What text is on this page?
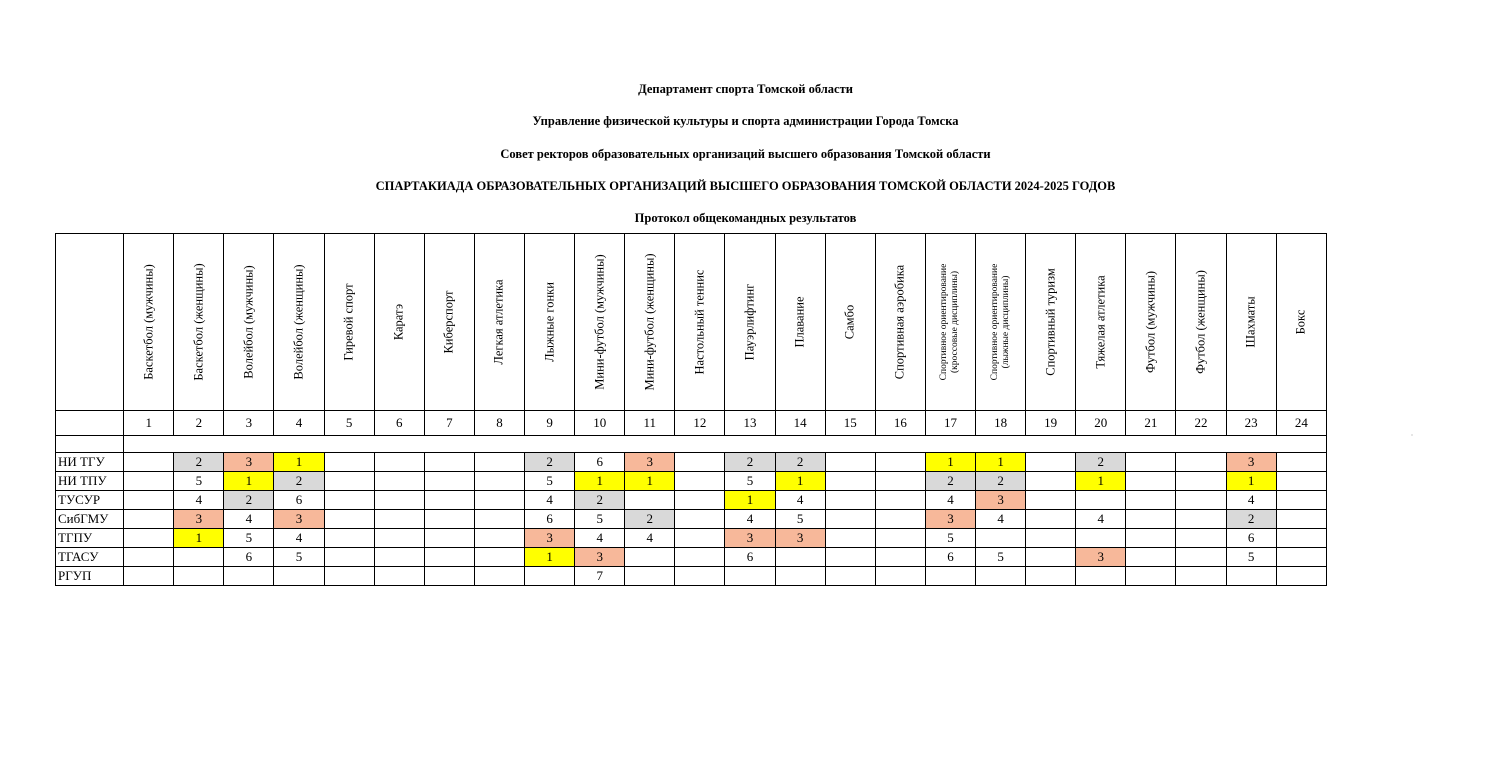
Департамент спорта Томской области
Управление физической культуры и спорта администрации Города Томска
Совет ректоров образовательных организаций высшего образования Томской области
СПАРТАКИАДА ОБРАЗОВАТЕЛЬНЫХ ОРГАНИЗАЦИЙ ВЫСШЕГО ОБРАЗОВАНИЯ ТОМСКОЙ ОБЛАСТИ 2024-2025 ГОДОВ
Протокол общекомандных результатов

	Баскетбол (мужчины)	Баскетбол (женщины)	Волейбол (мужчины)	Волейбол (женщины)	Гиревой спорт	Каратэ	Киберспорт	Легкая атлетика	Лыжные гонки	Мини-футбол (мужчины)	Мини-футбол (женщины)	Настольный теннис	Пауэрлифтинг	Плавание	Самбо	Спортивная аэробика	Спортивное ориентирование
(кроссовые дисциплины)	Спортивное ориентирование
(лыжные дисциплины)	Спортивный туризм	Тяжелая атлетика	Футбол (мужчины)	Футбол (женщины)	Шахматы	Бокс

	1	2	3	4	5	6	7	8	9	10	11	12	13	14	15	16	17	18	19	20	21	22	23	24

НИ ТГУ		2	3	1					2	6	3		2	2			1	1		2			3	
НИ ТПУ		5	1	2					5	1	1		5	1			2	2		1			1	
ТУСУР		4	2	6					4	2			1	4			4	3					4	
СибГМУ		3	4	3					6	5	2		4	5			3	4		4			2	
ТГПУ		1	5	4					3	4	4		3	3			5						6	
ТГАСУ			6	5					1	3			6				6	5		3			5	
РГУП										7														
